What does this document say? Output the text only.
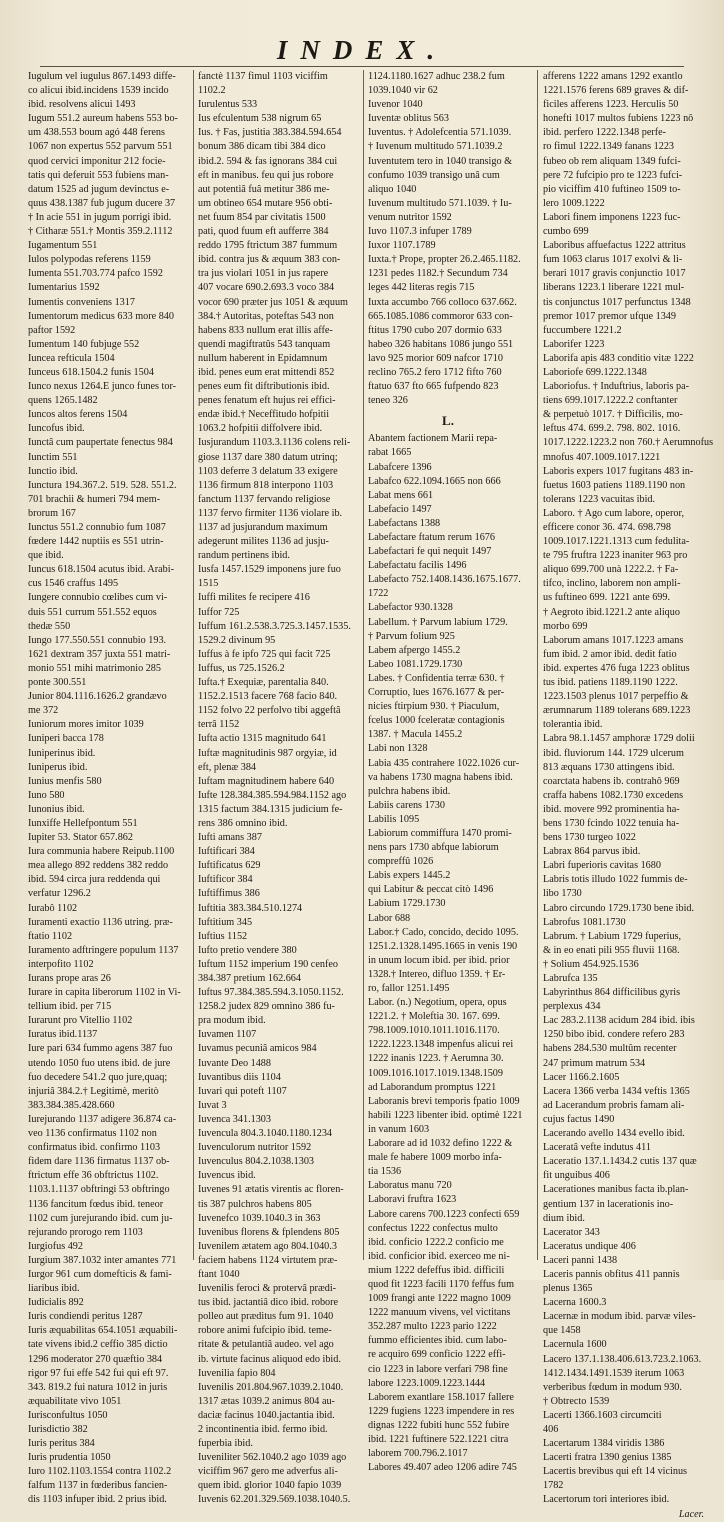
INDEX.
Iugulum vel iugulus 867.1493 diffe-
co alicui ibid.incidens 1539 incido
ibid. resolvens alicui 1493
Iugum 551.2 aureum habens 553 bo-
um 438.553 boum agó 448 ferens
1067 non expertus 552 parvum 551
quod cervici imponitur 212 focie-
tatis qui deferuit 553 fubiens man-
datum 1525 ad jugum devinctus e-
quus 438.1387 fub jugum ducere 37
† In acie 551 in jugum porrigi ibid.
† Citharæ 551.† Montis 359.2.1112
Iugamentum 551
Iulos polypodas referens 1159
Iumenta 551.703.774 pafco 1592
Iumentarius 1592
Iumentis conveniens 1317
Iumentorum medicus 633 more 840
paftor 1592
Iumentum 140 fubjuge 552
Iuncea refticula 1504
Iunceus 618.1504.2 funis 1504
Iunco nexus 1264.E junco funes tor-
quens 1265.1482
Iuncos altos ferens 1504
Iuncofus ibid.
Iunctâ cum paupertate fenectus 984
Iunctim 551
Iunctio ibid.
Iunctura 194.367.2. 519. 528. 551.2.
701 brachii & humeri 794 mem-
brorum 167
Iunctus 551.2 connubio fum 1087
fœdere 1442 nuptiis es 551 utrin-
que ibid.
Iuncus 618.1504 acutus ibid. Arabi-
cus 1546 craffus 1495
Iungere connubio cœlibes cum vi-
duis 551 currum 551.552 equos
thedæ 550
Iungo 177.550.551 connubio 193.
1621 dextram 357 juxta 551 matri-
monio 551 mihi matrimonio 285
ponte 300.551
Junior 804.1116.1626.2 grandævo
me 372
Iuniorum mores imitor 1039
Iuniperi bacca 178
Iuniperinus ibid.
Iuniperus ibid.
Iunius menfis 580
Iuno 580
Iunonius ibid.
Iunxiffe Hellefpontum 551
Iupiter 53. Stator 657.862
Iura communia habere Reipub.1100
mea allego 892 reddens 382 reddo
ibid. 594 circa jura reddenda qui
verfatur 1296.2
Iurabô 1102
Iuramenti exactio 1136 utring. præ-
ftatio 1102
Iuramento adftringere populum 1137
interpofito 1102
Iurans prope aras 26
Iurare in capita liberorum 1102 in Vi-
tellium ibid. per 715
Iurarunt pro Vitellio 1102
Iuratus ibid.1137
Iure pari 634 fummo agens 387 fuo
utendo 1050 fuo utens ibid. de jure
fuo decedere 541.2 quo jure,quaq;
injuriâ 384.2.† Legitimè, meritò
383.384.385.428.660
Iurejurando 1137 adigere 36.874 ca-
veo 1136 confirmatus 1102 non
confirmatus ibid. confirmo 1103
fidem dare 1136 firmatus 1137 ob-
ftrictum effe 36 obftrictus 1102.
1103.1.1137 obftringi 53 obftringo
1136 fancitum fœdus ibid. teneor
1102 cum jurejurando ibid. cum ju-
rejurando prorogo rem 1103
Iurgiofus 492
Iurgium 387.1032 inter amantes 771
Iurgor 961 cum domefticis & fami-
liaribus ibid.
Iudicialis 892
Iuris condiendi peritus 1287
Iuris æquabilitas 654.1051 æquabili-
tate vivens ibid.2 ceffio 385 dictio
1296 moderator 270 quæftio 384
rigor 97 fui effe 542 fui qui eft 97.
343. 819.2 fui natura 1012 in juris
æquabilitate vivo 1051
Iurisconfultus 1050
Iurisdictio 382
Iuris peritus 384
Iuris prudentia 1050
Iuro 1102.1103.1554 contra 1102.2
falfum 1137 in fœderibus fancien-
dis 1103 infuper ibid. 2 prius ibid.
fanctè 1137 fimul 1103 viciffim
1102.2
Iurulentus 533
Ius efculentum 538 nigrum 65
Ius. † Fas, justitia 383.384.594.654
bonum 386 dicam tibi 384 dico
ibid.2. 594 & fas ignorans 384 cui
eft in manibus. feu qui jus robore
aut potentiâ fuâ metitur 386 me-
um obtineo 654 mutare 956 obti-
net fuum 854 par civitatis 1500
pati, quod fuum eft aufferre 384
reddo 1795 ftrictum 387 fummum
ibid. contra jus & æquum 383 con-
tra jus violari 1051 in jus rapere
407 vocare 690.2.693.3 voco 384
vocor 690 præter jus 1051 & æquum
384.† Autoritas, poteftas 543 non
habens 833 nullum erat illis affe-
quendi magiftratûs 543 tanquam
nullum haberent in Epidamnum
ibid. penes eum erat mittendi 852
penes eum fit diftributionis ibid.
penes fenatum eft hujus rei effici-
endæ ibid.† Neceffitudo hofpitii
1063.2 hofpitii diffolvere ibid.
Iusjurandum 1103.3.1136 colens reli-
giose 1137 dare 380 datum utrinq;
1103 deferre 3 delatum 33 exigere
1136 firmum 818 interpono 1103
fanctum 1137 fervando religiose
1137 fervo firmiter 1136 violare ib.
1137 ad jusjurandum maximum
adegerunt milites 1136 ad jusju-
randum pertinens ibid.
Iusfa 1457.1529 imponens jure fuo
1515
Iuffi milites fe recipere 416
Iuffor 725
Iuffum 161.2.538.3.725.3.1457.1535.
1529.2 divinum 95
Iuffus à fe ipfo 725 qui facit 725
Iuffus, us 725.1526.2
Iufta.† Exequiæ, parentalia 840.
1152.2.1513 facere 768 facio 840.
1152 folvo 22 perfolvo tibi aggeftâ
terrâ 1152
Iufta actio 1315 magnitudo 641
Iuftæ magnitudinis 987 orgyiæ, id
eft, plenæ 384
Iuftam magnitudinem habere 640
Iufte 128.384.385.594.984.1152 ago
1315 factum 384.1315 judicium fe-
rens 386 omnino ibid.
Iufti amans 387
Iuftificari 384
Iuftificatus 629
Iuftificor 384
Iuftiffimus 386
Iuftitia 383.384.510.1274
Iuftitium 345
Iuftius 1152
Iufto pretio vendere 380
Iuftum 1152 imperium 190 cenfeo
384.387 pretium 162.664
Iuftus 97.384.385.594.3.1050.1152.
1258.2 judex 829 omnino 386 fu-
pra modum ibid.
Iuvamen 1107
Iuvamus pecuniâ amicos 984
Iuvante Deo 1488
Iuvantibus diis 1104
Iuvari qui poteft 1107
Iuvat 3
Iuvenca 341.1303
Iuvencula 804.3.1040.1180.1234
Iuvenculorum nutritor 1592
Iuvenculus 804.2.1038.1303
Iuvencus ibid.
Iuvenes 91 ætatis virentis ac floren-
tis 387 pulchros habens 805
Iuvenefco 1039.1040.3 in 363
Iuvenibus florens & fplendens 805
Iuvenilem ætatem ago 804.1040.3
faciem habens 1124 virtutem præ-
ftant 1040
Iuvenilis feroci & protervâ prædi-
tus ibid. jactantiâ dico ibid. robore
polleo aut præditus fum 91. 1040
robore animi fufcipio ibid. teme-
ritate & petulantiâ audeo. vel ago
ib. virtute facinus aliquod edo ibid.
Iuvenilia fapio 804
Iuvenilis 201.804.967.1039.2.1040.
1317 ætas 1039.2 animus 804 au-
daciæ facinus 1040.jactantia ibid.
2 incontinentia ibid. fermo ibid.
fuperbia ibid.
Iuveniliter 562.1040.2 ago 1039 ago
viciffim 967 gero me adverfus ali-
quem ibid. glorior 1040 fapio 1039
Iuvenis 62.201.329.569.1038.1040.5.
1124.1180.1627 adhuc 238.2 fum
1039.1040 vir 62
Iuvenor 1040
Iuventæ oblitus 563
Iuventus. † Adolefcentia 571.1039.
† Iuvenum multitudo 571.1039.2
Iuventutem tero in 1040 transigo &
confumo 1039 transigo unâ cum
aliquo 1040
Iuvenum multitudo 571.1039. † Iu-
venum nutritor 1592
Iuvo 1107.3 infuper 1789
Iuxor 1107.1789
Iuxta.† Prope, propter 26.2.465.1182.
1231 pedes 1182.† Secundum 734
leges 442 literas regis 715
Iuxta accumbo 766 colloco 637.662.
665.1085.1086 commoror 633 con-
ftitus 1790 cubo 207 dormio 633
habeo 326 habitans 1086 jungo 551
lavo 925 morior 609 nafcor 1710
reclino 765.2 fero 1712 fifto 760
ftatuo 637 fto 665 fufpendo 823
teneo 326
L.
Abantem factionem Marii repa-
rabat 1665
Labafcere 1396
Labafco 622.1094.1665 non 666
Labat mens 661
Labefacio 1497
Labefactans 1388
Labefactare ftatum rerum 1676
Labefactari fe qui nequit 1497
Labefactatu facilis 1496
Labefacto 752.1408.1436.1675.1677.
1722
Labefactor 930.1328
Labellum. † Parvum labium 1729.
† Parvum folium 925
Labem afpergo 1455.2
Labeo 1081.1729.1730
Labes. † Confidentia terræ 630. †
Corruptio, lues 1676.1677 & per-
nicies ftirpium 930. † Piaculum,
fcelus 1000 fceleratæ contagionis
1387. † Macula 1455.2
Labi non 1328
Labia 435 contrahere 1022.1026 cur-
va habens 1730 magna habens ibid.
pulchra habens ibid.
Labiis carens 1730
Labilis 1095
Labiorum commiffura 1470 promi-
nens pars 1730 abfque labiorum
compreffû 1026
Labis expers 1445.2
qui Labitur & peccat citò 1496
Labium 1729.1730
Labor 688
Labor.† Cado, concido, decido 1095.
1251.2.1328.1495.1665 in venis 190
in unum locum ibid. per ibid. prior
1328.† Intereo, difluo 1359. † Er-
ro, fallor 1251.1495
Labor. (n.) Negotium, opera, opus
1221.2. † Moleftia 30. 167. 699.
798.1009.1010.1011.1016.1170.
1222.1223.1348 impenfus alicui rei
1222 inanis 1223. † Aerumna 30.
1009.1016.1017.1019.1348.1509
ad Laborandum promptus 1221
Laboranis brevi temporis fpatio 1009
habili 1223 libenter ibid. optimè 1221
in vanum 1603
Laborare ad id 1032 defino 1222 &
male fe habere 1009 morbo infa-
tia 1536
Laboratus manu 720
Laboravi fruftra 1623
Labore carens 700.1223 confecti 659
confectus 1222 confectus multo
ibid. conficio 1222.2 conficio me
ibid. conficior ibid. exerceo me ni-
mium 1222 defeffus ibid. difficili
quod fit 1223 facili 1170 feffus fum
1009 frangi ante 1222 magno 1009
1222 manuum vivens, vel victitans
352.287 multo 1223 pario 1222
fummo efficientes ibid. cum labo-
re acquiro 699 conficio 1222 effi-
cio 1223 in labore verfari 798 fine
labore 1223.1009.1223.1444
Laborem exantlare 158.1017 fallere
1229 fugiens 1223 impendere in res
dignas 1222 fubiti hunc 552 fubire
ibid. 1221 fuftinere 522.1221 citra
laborem 700.796.2.1017
Labores 49.407 adeo 1206 adire 745
afferens 1222 amans 1292 exantlo
1221.1576 ferens 689 graves & dif-
ficiles afferens 1223. Herculis 50
honefti 1017 multos fubiens 1223 nô
ibid. perfero 1222.1348 perfe-
ro fimul 1222.1349 fanans 1223
fubeo ob rem aliquam 1349 fufci-
pere 72 fufcipio pro te 1223 fufci-
pio viciffim 410 fuftineo 1509 to-
lero 1009.1222
Labori finem imponens 1223 fuc-
cumbo 699
Laboribus affuefactus 1222 attritus
fum 1063 clarus 1017 exolvi & li-
berari 1017 gravis conjunctio 1017
liberans 1223.1 liberare 1221 mul-
tis conjunctus 1017 perfunctus 1348
premor 1017 premor ufque 1349
fuccumbere 1221.2
Laborifer 1223
Laborifa apis 483 conditio vitæ 1222
Laboriofe 699.1222.1348
Laboriofus. † Induftrius, laboris pa-
tiens 699.1017.1222.2 conftanter
& perpetuò 1017. † Difficilis, mo-
leftus 474. 699.2. 798. 802. 1016.
1017.1222.1223.2 non 760.† Aerumnofus
mnofus 407.1009.1017.1221
Laboris expers 1017 fugitans 483 in-
fuetus 1603 patiens 1189.1190 non
tolerans 1223 vacuitas ibid.
Laboro. † Ago cum labore, operor,
efficere conor 36. 474. 698.798
1009.1017.1221.1313 cum fedulita-
te 795 fruftra 1223 inaniter 963 pro
aliquo 699.700 unà 1222.2. † Fa-
tifco, inclino, laborem non ampli-
us fuftineo 699. 1221 ante 699.
† Aegroto ibid.1221.2 ante aliquo
morbo 699
Laborum amans 1017.1223 amans
fum ibid. 2 amor ibid. dedit fatio
ibid. expertes 476 fuga 1223 oblitus
tus ibid. patiens 1189.1190 1222.
1223.1503 plenus 1017 perpeffio &
ærumnarum 1189 tolerans 689.1223
tolerantia ibid.
Labra 98.1.1457 amphoræ 1729 dolii
ibid. fluviorum 144. 1729 ulcerum
813 æquans 1730 attingens ibid.
coarctata habens ib. contrahô 969
craffa habens 1082.1730 excedens
ibid. movere 992 prominentia ha-
bens 1730 fcindo 1022 tenuia ha-
bens 1730 turgeo 1022
Labrax 864 parvus ibid.
Labri fuperioris cavitas 1680
Labris totis illudo 1022 fummis de-
libo 1730
Labro circundo 1729.1730 bene ibid.
Labrofus 1081.1730
Labrum. † Labium 1729 fuperius,
& in eo enati pili 955 fluvii 1168.
† Solium 454.925.1536
Labrufca 135
Labyrinthus 864 difficilibus gyris
perplexus 434
Lac 283.2.1138 acidum 284 ibid. ibis
1250 bibo ibid. condere refero 283
habens 284.530 multûm recenter
247 primum matrum 534
Lacer 1166.2.1605
Lacera 1366 verba 1434 veftis 1365
ad Lacerandum probris famam ali-
cujus factus 1490
Lacerando avello 1434 evello ibid.
Laceratâ vefte indutus 411
Laceratio 137.1.1434.2 cutis 137 quæ
fit unguibus 406
Lacerationes manibus facta ib.plan-
gentium 137 in lacerationis ino-
dium ibid.
Lacerator 343
Laceratus undique 406
Laceri panni 1438
Laceris pannis obfitus 411 pannis
plenus 1365
Lacerna 1600.3
Lacernæ in modum ibid. parvæ viles-
que 1458
Lacernula 1600
Lacero 137.1.138.406.613.723.2.1063.
1412.1434.1491.1539 iterum 1063
verberibus fœdum in modum 930.
† Obtrecto 1539
Lacerti 1366.1603 circumciti
406
Lacertarum 1384 viridis 1386
Lacerti fratra 1390 genius 1385
Lacertis brevibus qui eft 14 vicinus
1782
Lacertorum tori interiores ibid.
Lacer.
